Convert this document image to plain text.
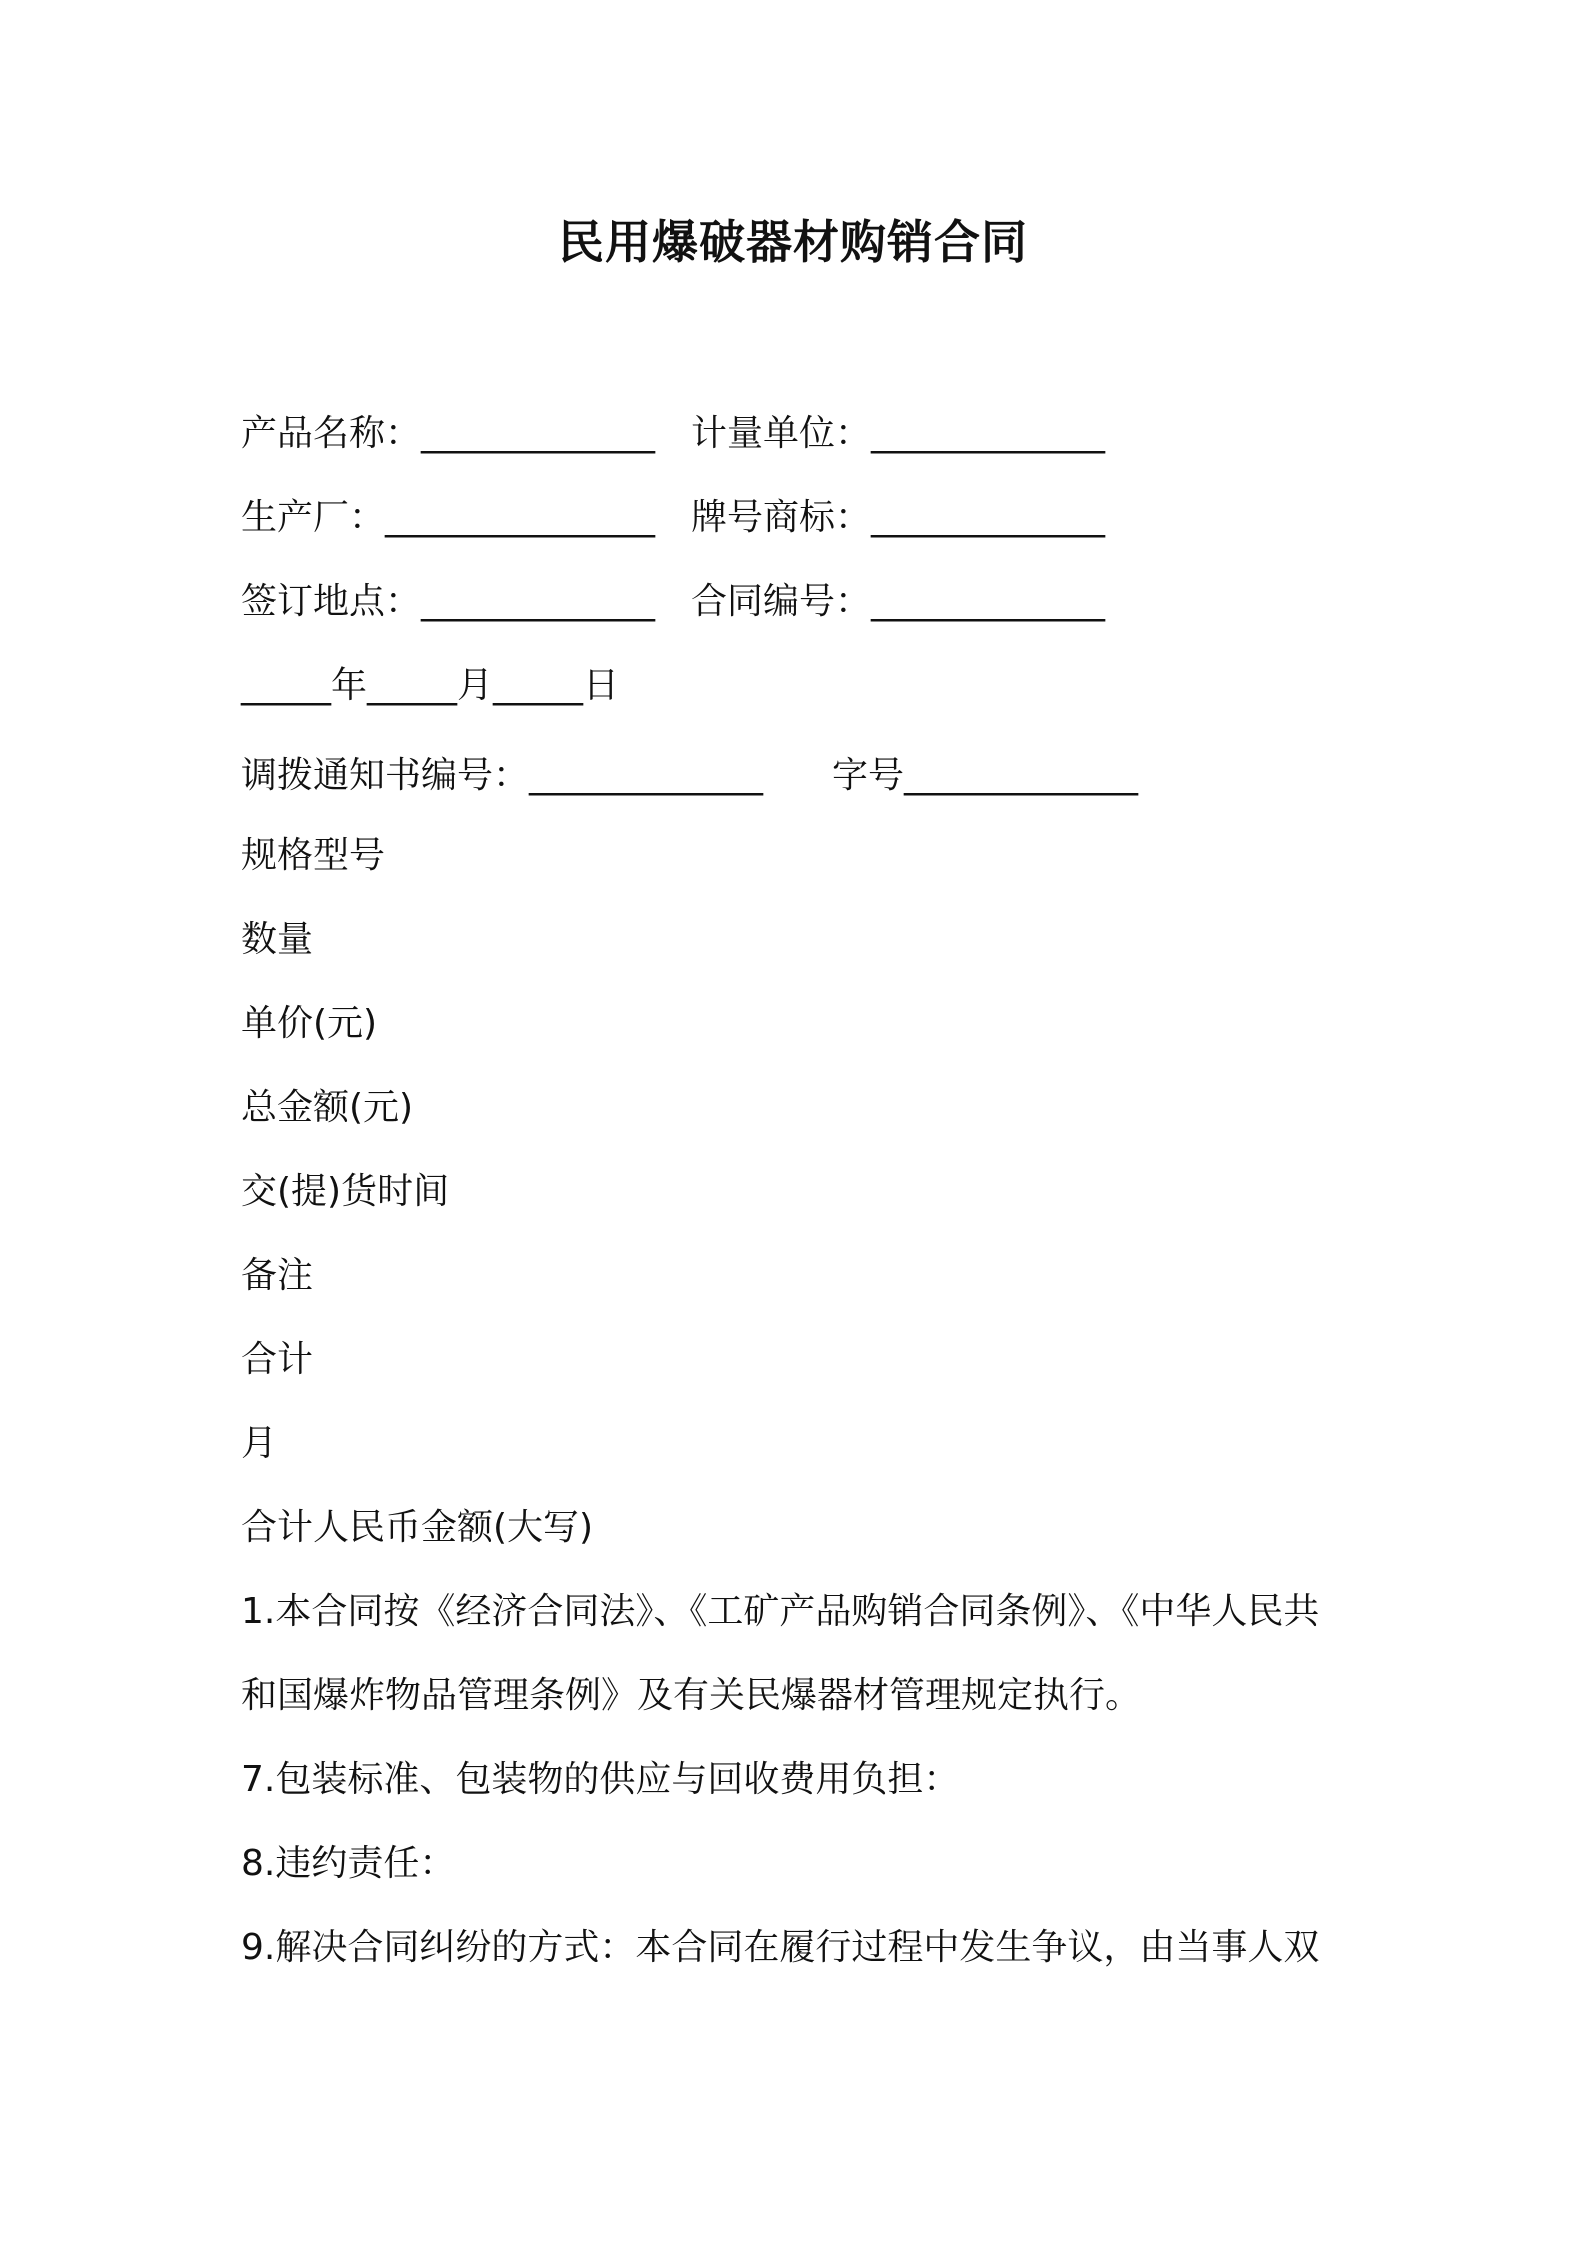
民用爆破器材购销合同
产品名称：_____________ 计量单位：_____________
生产厂：_______________ 牌号商标：_____________
签订地点：_____________ 合同编号：_____________
_____年_____月_____日
调拨通知书编号：_____________ 字号_____________
规格型号
数量
单价(元)
总金额(元)
交(提)货时间
备注
合计
月
合计人民币金额(大写)
1.本合同按《经济合同法》、《工矿产品购销合同条例》、《中华人民共
和国爆炸物品管理条例》及有关民爆器材管理规定执行。
7.包装标准、包装物的供应与回收费用负担：
8.违约责任：
9.解决合同纠纷的方式：本合同在履行过程中发生争议，由当事人双
